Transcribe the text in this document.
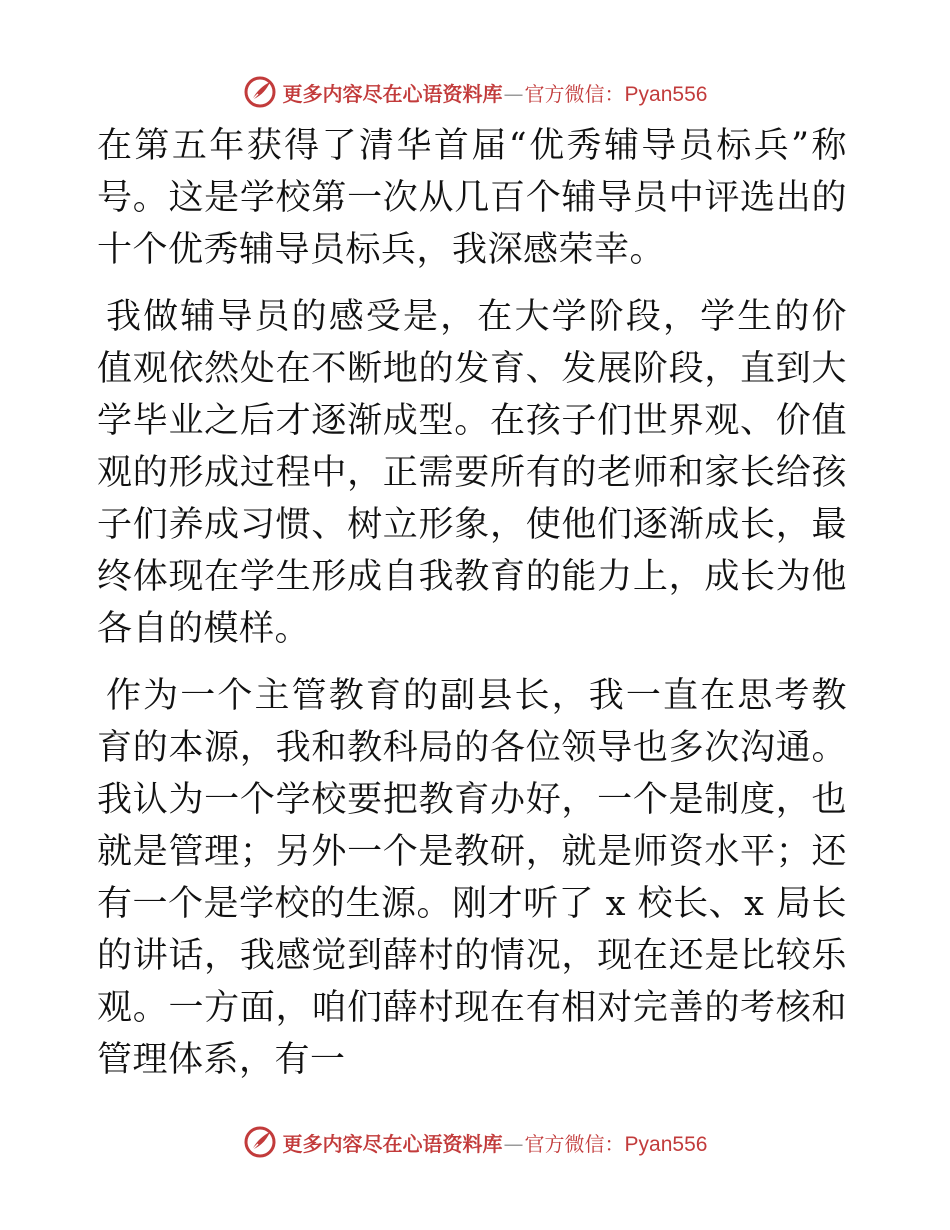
更多内容尽在心语资料库 — 官方微信： Pyan556

在第五年获得了清华首届“优秀辅导员标兵”称号。这是学校第一次从几百个辅导员中评选出的十个优秀辅导员标兵，我深感荣幸。

我做辅导员的感受是，在大学阶段，学生的价值观依然处在不断地的发育、发展阶段，直到大学毕业之后才逐渐成型。在孩子们世界观、价值观的形成过程中，正需要所有的老师和家长给孩子们养成习惯、树立形象，使他们逐渐成长，最终体现在学生形成自我教育的能力上，成长为他各自的模样。

作为一个主管教育的副县长，我一直在思考教育的本源，我和教科局的各位领导也多次沟通。我认为一个学校要把教育办好，一个是制度，也就是管理；另外一个是教研，就是师资水平；还有一个是学校的生源。刚才听了 x 校长、x 局长的讲话，我感觉到薛村的情况，现在还是比较乐观。一方面，咱们薛村现在有相对完善的考核和管理体系，有一

更多内容尽在心语资料库 — 官方微信： Pyan556
